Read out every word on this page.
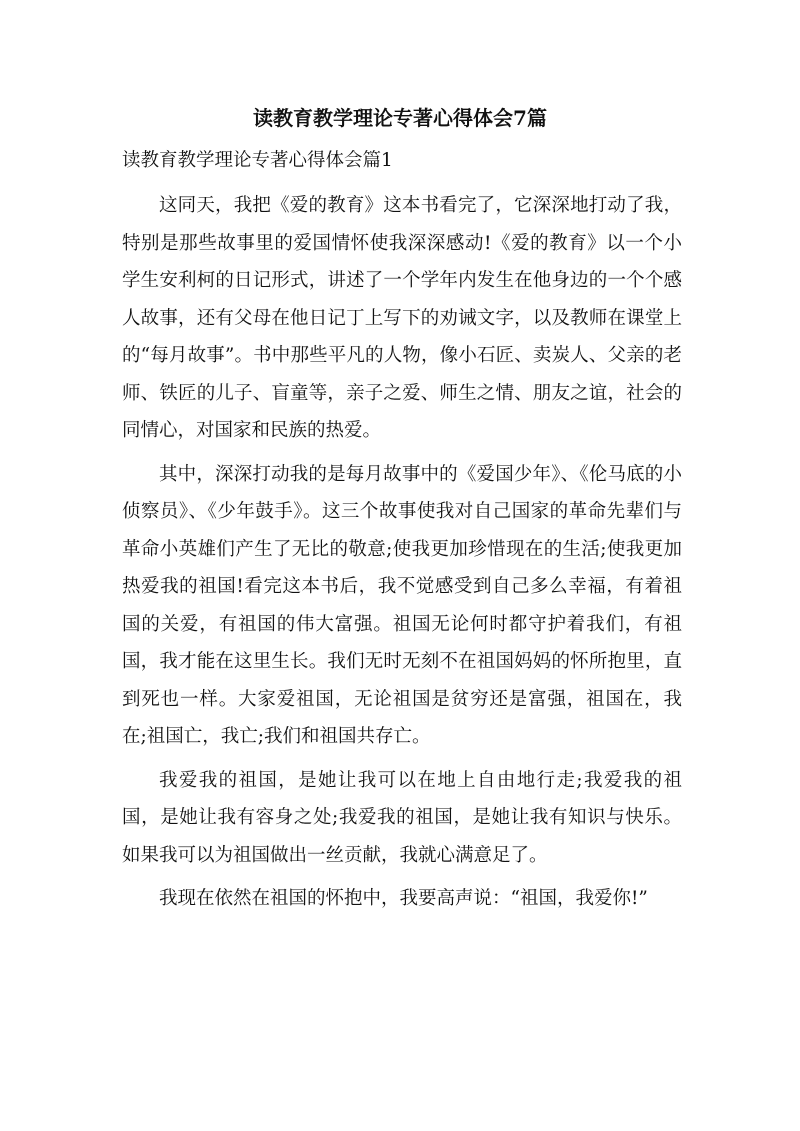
读教育教学理论专著心得体会7篇
读教育教学理论专著心得体会篇1

这同天，我把《爱的教育》这本书看完了，它深深地打动了我，特别是那些故事里的爱国情怀使我深深感动!《爱的教育》以一个小学生安利柯的日记形式，讲述了一个学年内发生在他身边的一个个感人故事，还有父母在他日记丁上写下的劝诫文字，以及教师在课堂上的“每月故事”。书中那些平凡的人物，像小石匠、卖炭人、父亲的老师、铁匠的儿子、盲童等，亲子之爱、师生之情、朋友之谊，社会的同情心，对国家和民族的热爱。

其中，深深打动我的是每月故事中的《爱国少年》、《伦马底的小侦察员》、《少年鼓手》。这三个故事使我对自己国家的革命先辈们与革命小英雄们产生了无比的敬意;使我更加珍惜现在的生活;使我更加热爱我的祖国!看完这本书后，我不觉感受到自己多么幸福，有着祖国的关爱，有祖国的伟大富强。祖国无论何时都守护着我们，有祖国，我才能在这里生长。我们无时无刻不在祖国妈妈的怀所抱里，直到死也一样。大家爱祖国，无论祖国是贫穷还是富强，祖国在，我在;祖国亡，我亡;我们和祖国共存亡。

我爱我的祖国，是她让我可以在地上自由地行走;我爱我的祖国，是她让我有容身之处;我爱我的祖国，是她让我有知识与快乐。如果我可以为祖国做出一丝贡献，我就心满意足了。

我现在依然在祖国的怀抱中，我要高声说：“祖国，我爱你!”
